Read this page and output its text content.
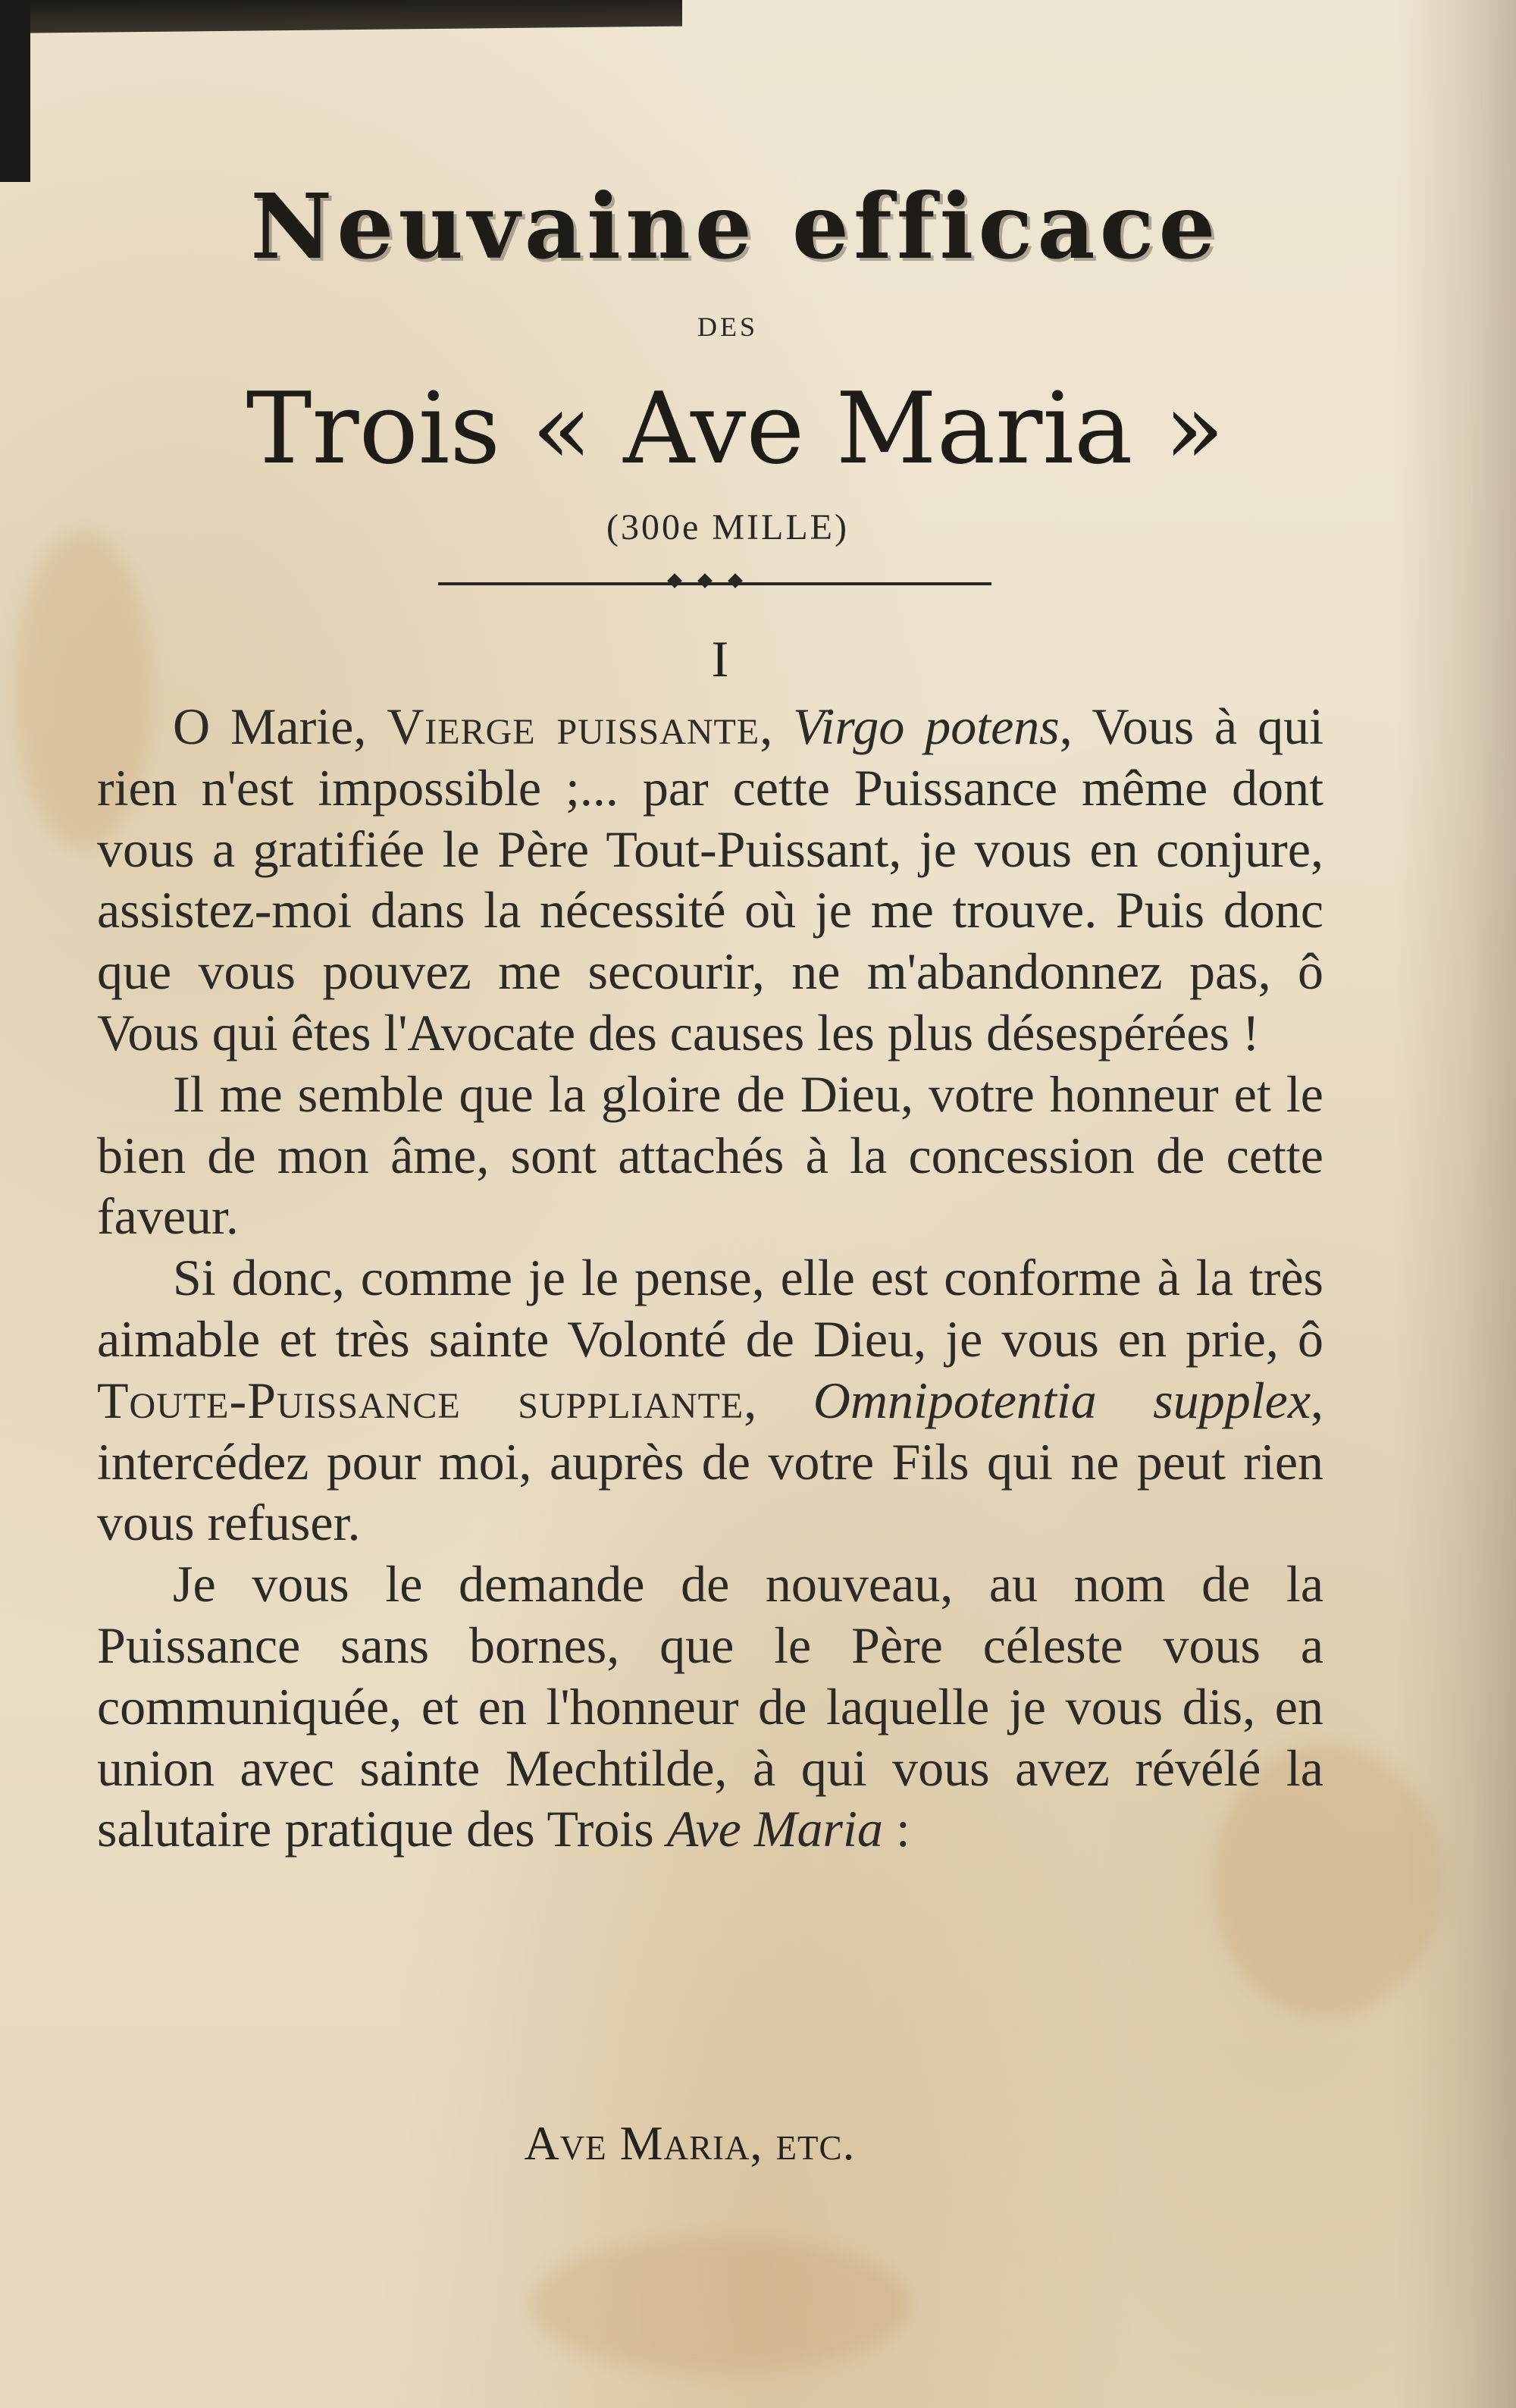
Neuvaine efficace
DES
Trois « Ave Maria »
(300e MILLE)
I

O Marie, Vierge puissante, Virgo potens, Vous à qui rien n'est impossible ;... par cette Puissance même dont vous a gratifiée le Père Tout-Puissant, je vous en conjure, assistez-moi dans la nécessité où je me trouve. Puis donc que vous pouvez me secourir, ne m'abandonnez pas, ô Vous qui êtes l'Avocate des causes les plus désespérées !

Il me semble que la gloire de Dieu, votre honneur et le bien de mon âme, sont attachés à la concession de cette faveur.

Si donc, comme je le pense, elle est conforme à la très aimable et très sainte Volonté de Dieu, je vous en prie, ô Toute-Puissance suppliante, Omnipotentia supplex, intercédez pour moi, auprès de votre Fils qui ne peut rien vous refuser.

Je vous le demande de nouveau, au nom de la Puissance sans bornes, que le Père céleste vous a communiquée, et en l'honneur de laquelle je vous dis, en union avec sainte Mechtilde, à qui vous avez révélé la salutaire pratique des Trois Ave Maria :

Ave Maria, etc.
